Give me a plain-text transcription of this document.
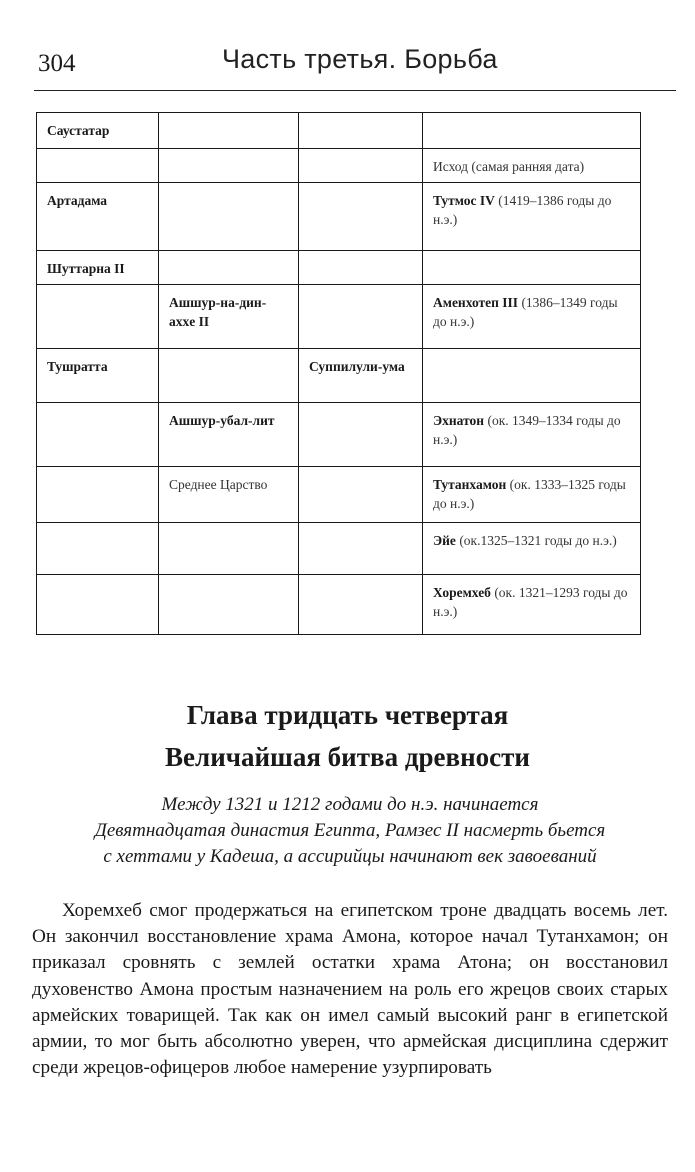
304	Часть третья. Борьба
Саустатар			
			Исход (самая ранняя дата)
Артадама			Тутмос IV (1419–1386 годы до н.э.)
Шуттарна II			
	Ашшур-на-дин-ахxe II		Аменхотеп III (1386–1349 годы до н.э.)
Тушратта		Суппилули-ума	
	Ашшур-убал-лит		Эхнатон (ок. 1349–1334 годы до н.э.)
	Среднее Царство		Тутанхамон (ок. 1333–1325 годы до н.э.)
			Эйе (ок.1325–1321 годы до н.э.)
			Хоремхеб (ок. 1321–1293 годы до н.э.)
Глава тридцать четвертая
Величайшая битва древности
Между 1321 и 1212 годами до н.э. начинается
Девятнадцатая династия Египта, Рамзес II насмерть бьется
с хеттами у Кадеша, а ассирийцы начинают век завоеваний

Хоремхеб смог продержаться на египетском троне двадцать восемь лет. Он закончил восстановление храма Амона, которое начал Тутанхамон; он приказал сровнять с землей остатки храма Атона; он восстановил духовенство Амона простым назначением на роль его жрецов своих старых армейских товарищей. Так как он имел самый высокий ранг в египетской армии, то мог быть абсолютно уверен, что армейская дисциплина сдержит среди жрецов-офицеров любое намерение узурпировать
